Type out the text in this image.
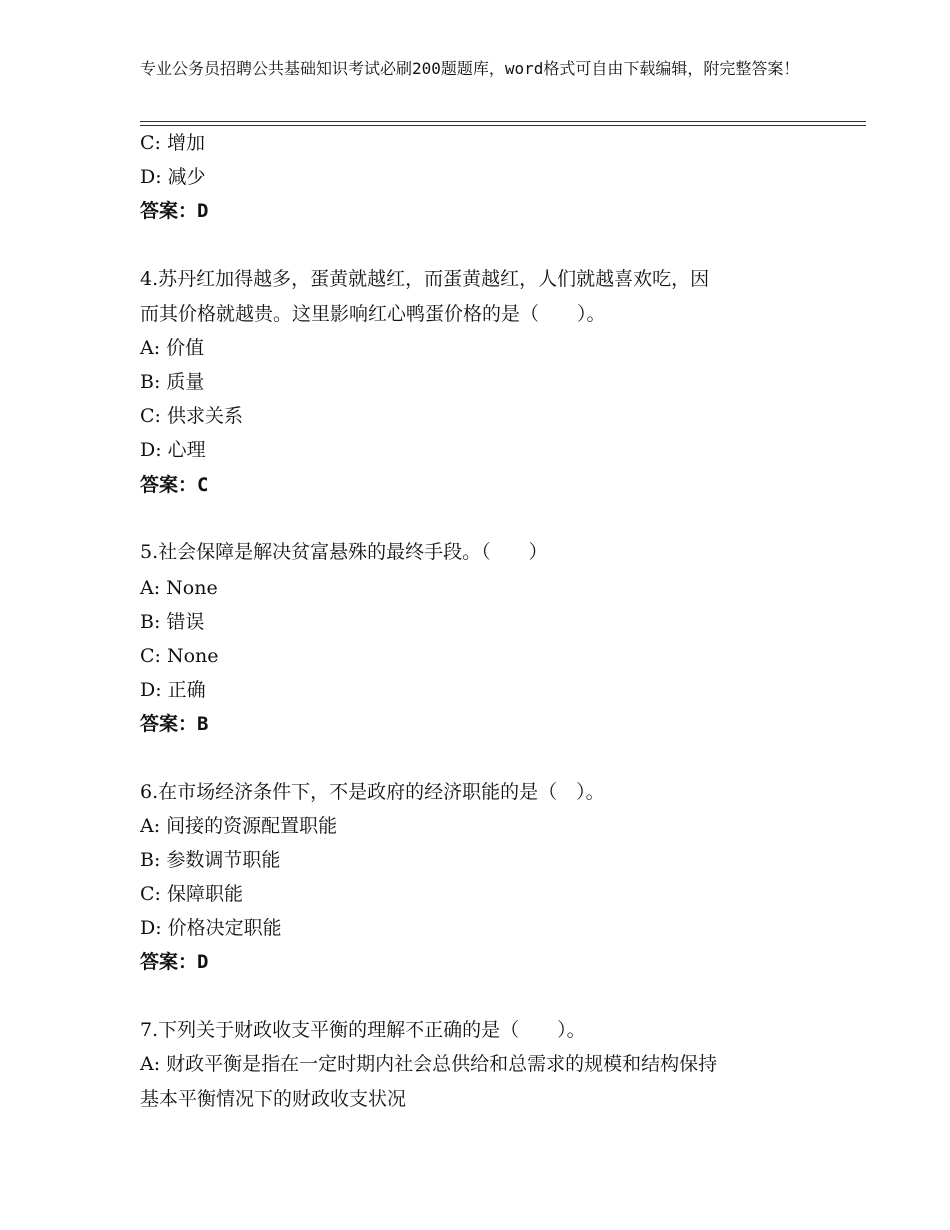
专业公务员招聘公共基础知识考试必刷200题题库，word格式可自由下载编辑，附完整答案！
C: 增加
D: 减少
答案：D
4.苏丹红加得越多，蛋黄就越红，而蛋黄越红，人们就越喜欢吃，因
而其价格就越贵。这里影响红心鸭蛋价格的是（　　）。
A: 价值
B: 质量
C: 供求关系
D: 心理
答案：C
5.社会保障是解决贫富悬殊的最终手段。（　　）
A: None
B: 错误
C: None
D: 正确
答案：B
6.在市场经济条件下，不是政府的经济职能的是（　）。
A: 间接的资源配置职能
B: 参数调节职能
C: 保障职能
D: 价格决定职能
答案：D
7.下列关于财政收支平衡的理解不正确的是（　　）。
A: 财政平衡是指在一定时期内社会总供给和总需求的规模和结构保持
基本平衡情况下的财政收支状况
